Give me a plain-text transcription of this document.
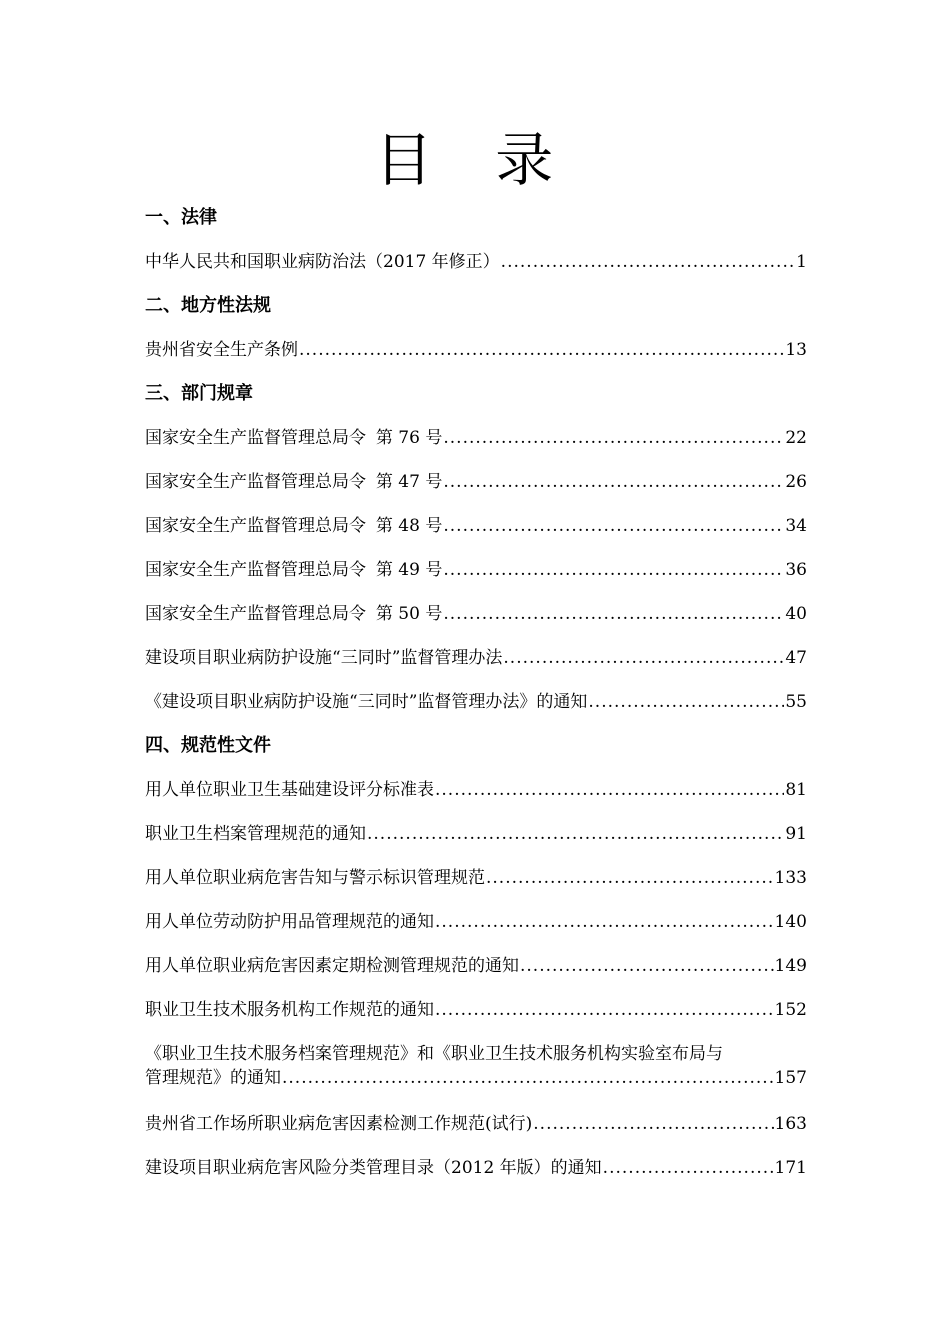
目 录
一、法律
中华人民共和国职业病防治法（2017 年修正） .....	1
二、地方性法规
贵州省安全生产条例 .....	13
三、部门规章
国家安全生产监督管理总局令 第 76 号 .....	22
国家安全生产监督管理总局令 第 47 号 .....	26
国家安全生产监督管理总局令 第 48 号 .....	34
国家安全生产监督管理总局令 第 49 号 .....	36
国家安全生产监督管理总局令 第 50 号 .....	40
建设项目职业病防护设施“三同时”监督管理办法 .....	47
《建设项目职业病防护设施“三同时”监督管理办法》的通知 .....	55
四、规范性文件
用人单位职业卫生基础建设评分标准表 .....	81
职业卫生档案管理规范的通知 .....	91
用人单位职业病危害告知与警示标识管理规范 .....	133
用人单位劳动防护用品管理规范的通知 .....	140
用人单位职业病危害因素定期检测管理规范的通知 .....	149
职业卫生技术服务机构工作规范的通知 .....	152
《职业卫生技术服务档案管理规范》和《职业卫生技术服务机构实验室布局与
管理规范》的通知 .....	157
贵州省工作场所职业病危害因素检测工作规范(试行) .....	163
建设项目职业病危害风险分类管理目录（2012 年版）的通知 .....	171
